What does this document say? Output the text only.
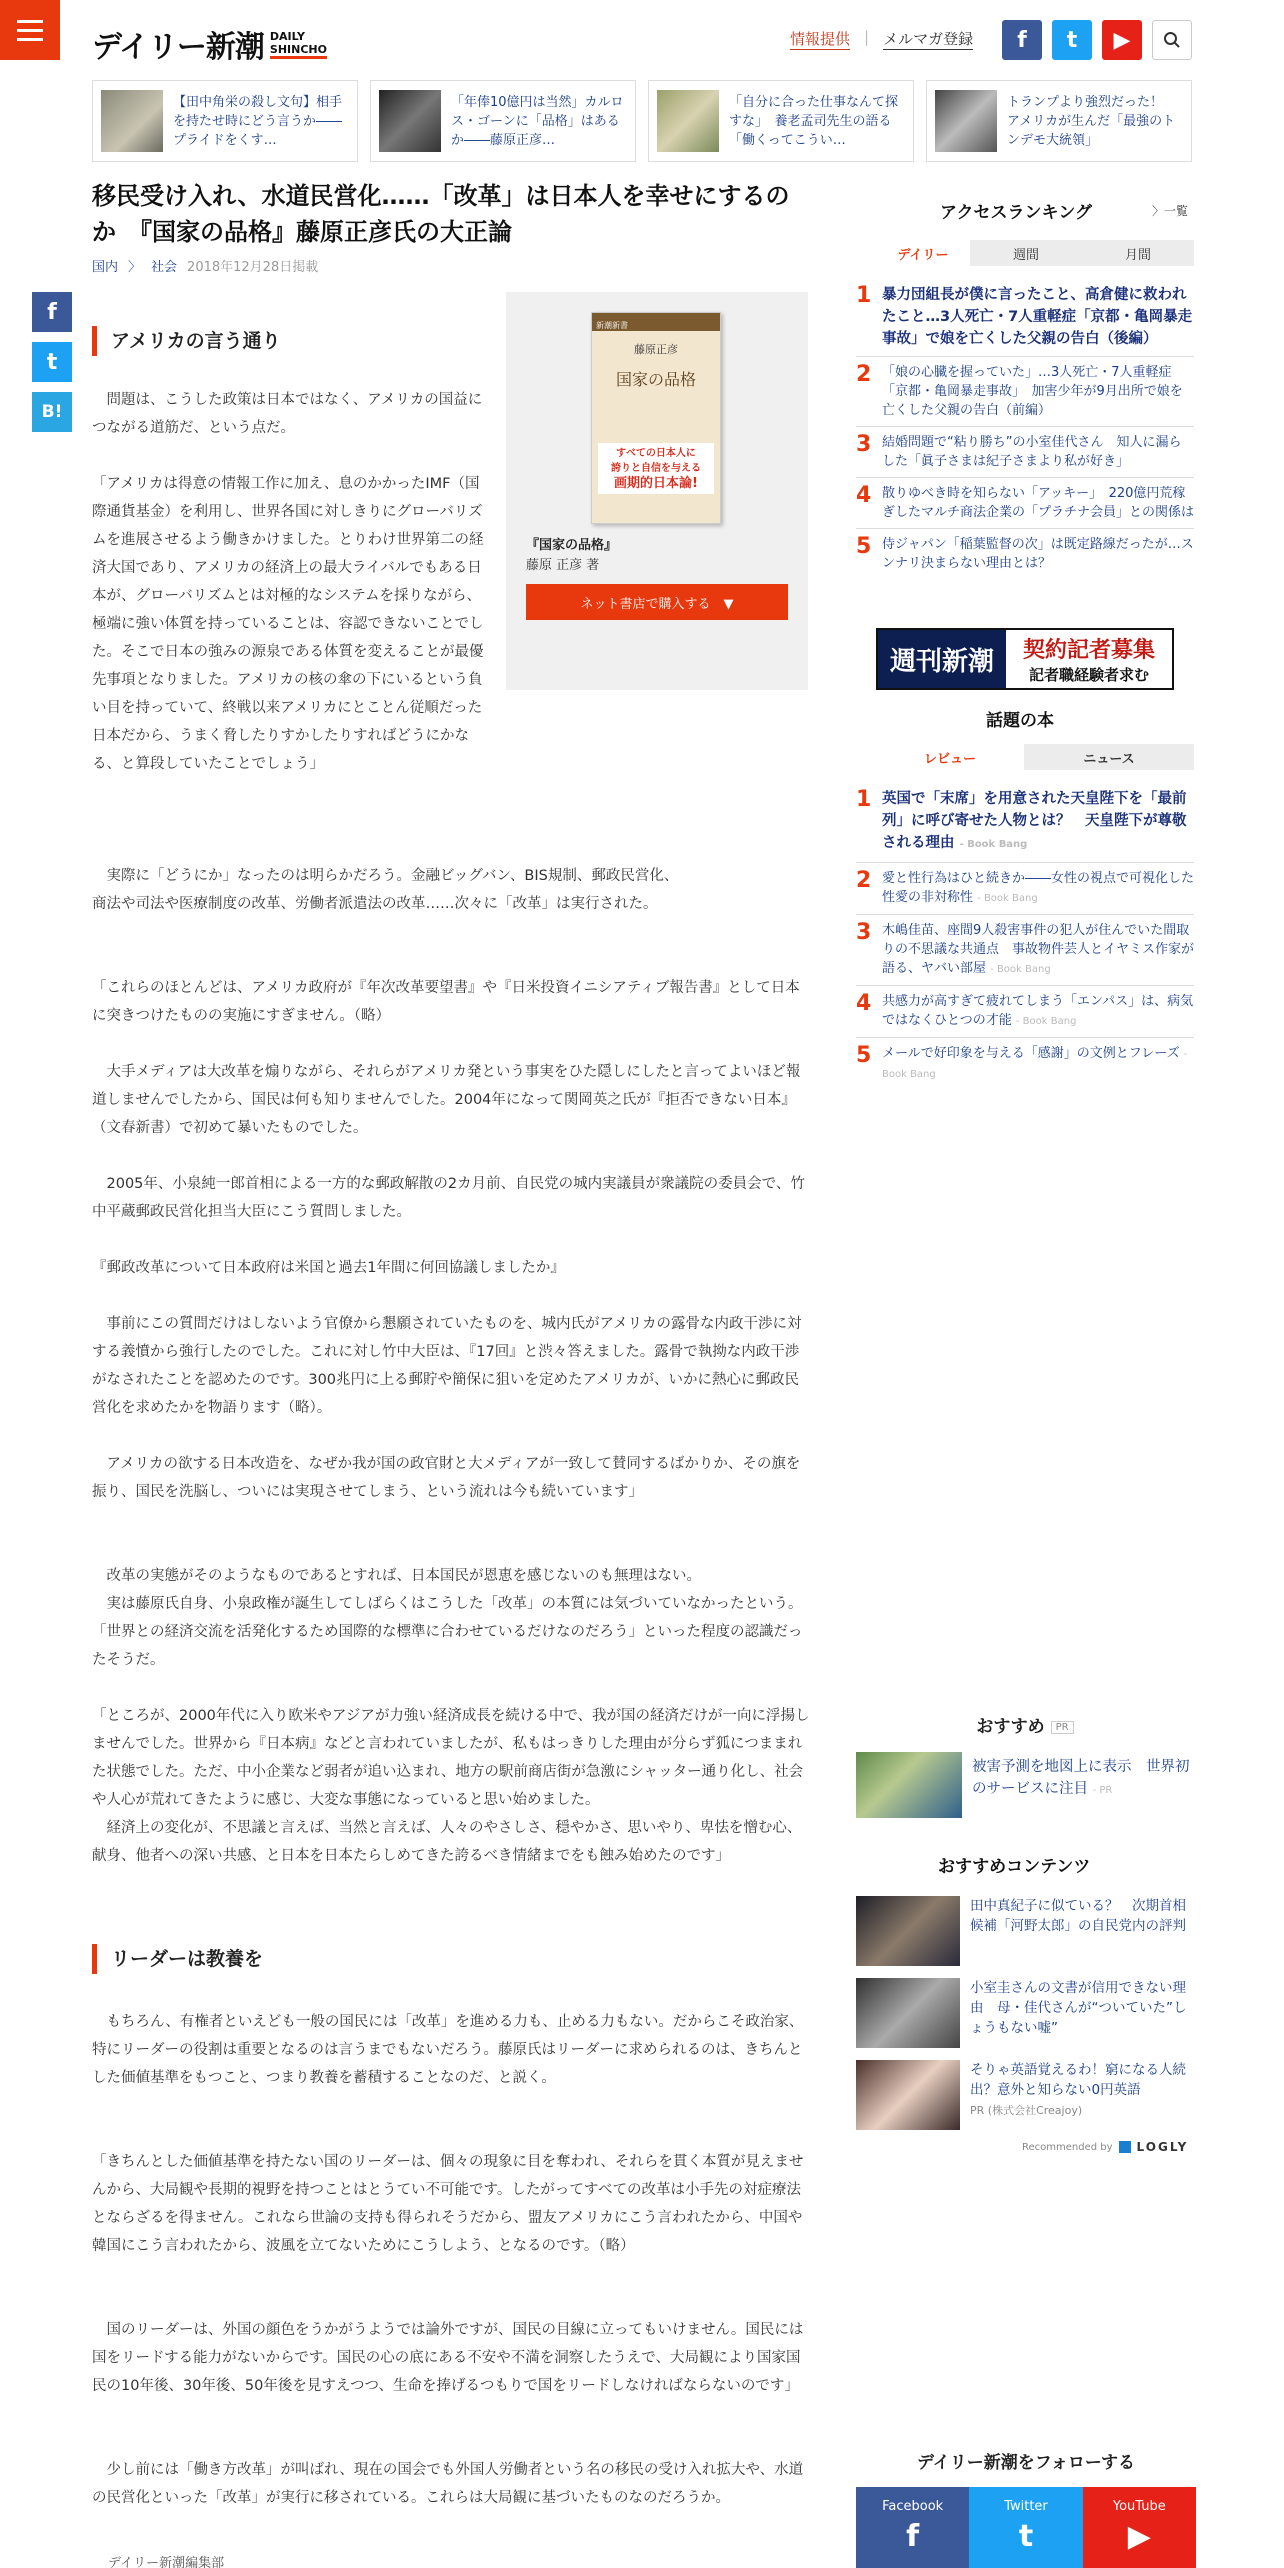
デイリー新潮 DAILY
SHINCHO
情報提供 | メルマガ登録	f	t	▶
【田中角栄の殺し文句】相手を持たせ時にどう言うか――プライドをくす…
「年俸10億円は当然」カルロス・ゴーンに「品格」はあるか――藤原正彦…
「自分に合った仕事なんて探すな」　養老孟司先生の語る「働くってこうい…
トランプより強烈だった！　アメリカが生んだ「最強のトンデモ大統領」
移民受け入れ、水道民営化……「改革」は日本人を幸せにするのか　『国家の品格』藤原正彦氏の大正論
国内 〉 社会 2018年12月28日掲載
f
t
B!
新潮新書
藤原正彦
国家の品格
すべての日本人に
誇りと自信を与える
画期的日本論!
『国家の品格』
藤原 正彦 著
ネット書店で購入する　▼
アメリカの言う通り

　問題は、こうした政策は日本ではなく、アメリカの国益につながる道筋だ、という点だ。

「アメリカは得意の情報工作に加え、息のかかったIMF（国際通貨基金）を利用し、世界各国に対しきりにグローバリズムを進展させるよう働きかけました。とりわけ世界第二の経済大国であり、アメリカの経済上の最大ライバルでもある日本が、グローバリズムとは対極的なシステムを採りながら、極端に強い体質を持っていることは、容認できないことでした。そこで日本の強みの源泉である体質を変えることが最優先事項となりました。アメリカの核の傘の下にいるという負い目を持っていて、終戦以来アメリカにとことん従順だった日本だから、うまく脅したりすかしたりすればどうにかなる、と算段していたことでしょう」

　実際に「どうにか」なったのは明らかだろう。金融ビッグバン、BIS規制、郵政民営化、商法や司法や医療制度の改革、労働者派遣法の改革……次々に「改革」は実行された。

「これらのほとんどは、アメリカ政府が『年次改革要望書』や『日米投資イニシアティブ報告書』として日本に突きつけたものの実施にすぎません。（略）

　大手メディアは大改革を煽りながら、それらがアメリカ発という事実をひた隠しにしたと言ってよいほど報道しませんでしたから、国民は何も知りませんでした。2004年になって関岡英之氏が『拒否できない日本』（文春新書）で初めて暴いたものでした。

　2005年、小泉純一郎首相による一方的な郵政解散の2カ月前、自民党の城内実議員が衆議院の委員会で、竹中平蔵郵政民営化担当大臣にこう質問しました。

『郵政改革について日本政府は米国と過去1年間に何回協議しましたか』

　事前にこの質問だけはしないよう官僚から懇願されていたものを、城内氏がアメリカの露骨な内政干渉に対する義憤から強行したのでした。これに対し竹中大臣は、『17回』と渋々答えました。露骨で執拗な内政干渉がなされたことを認めたのです。300兆円に上る郵貯や簡保に狙いを定めたアメリカが、いかに熱心に郵政民営化を求めたかを物語ります（略）。

　アメリカの欲する日本改造を、なぜか我が国の政官財と大メディアが一致して賛同するばかりか、その旗を振り、国民を洗脳し、ついには実現させてしまう、という流れは今も続いています」

　改革の実態がそのようなものであるとすれば、日本国民が恩恵を感じないのも無理はない。
　実は藤原氏自身、小泉政権が誕生してしばらくはこうした「改革」の本質には気づいていなかったという。「世界との経済交流を活発化するため国際的な標準に合わせているだけなのだろう」といった程度の認識だったそうだ。

「ところが、2000年代に入り欧米やアジアが力強い経済成長を続ける中で、我が国の経済だけが一向に浮揚しませんでした。世界から『日本病』などと言われていましたが、私もはっきりした理由が分らず狐につままれた状態でした。ただ、中小企業など弱者が追い込まれ、地方の駅前商店街が急激にシャッター通り化し、社会や人心が荒れてきたように感じ、大変な事態になっていると思い始めました。
　経済上の変化が、不思議と言えば、当然と言えば、人々のやさしさ、穏やかさ、思いやり、卑怯を憎む心、献身、他者への深い共感、と日本を日本たらしめてきた誇るべき情緒までをも蝕み始めたのです」

リーダーは教養を

　もちろん、有権者といえども一般の国民には「改革」を進める力も、止める力もない。だからこそ政治家、特にリーダーの役割は重要となるのは言うまでもないだろう。藤原氏はリーダーに求められるのは、きちんとした価値基準をもつこと、つまり教養を蓄積することなのだ、と説く。

「きちんとした価値基準を持たない国のリーダーは、個々の現象に目を奪われ、それらを貫く本質が見えませんから、大局観や長期的視野を持つことはとうてい不可能です。したがってすべての改革は小手先の対症療法とならざるを得ません。これなら世論の支持も得られそうだから、盟友アメリカにこう言われたから、中国や韓国にこう言われたから、波風を立てないためにこうしよう、となるのです。（略）

　国のリーダーは、外国の顔色をうかがうようでは論外ですが、国民の目線に立ってもいけません。国民には国をリードする能力がないからです。国民の心の底にある不安や不満を洞察したうえで、大局観により国家国民の10年後、30年後、50年後を見すえつつ、生命を捧げるつもりで国をリードしなければならないのです」

　少し前には「働き方改革」が叫ばれ、現在の国会でも外国人労働者という名の移民の受け入れ拡大や、水道の民営化といった「改革」が実行に移されている。これらは大局観に基づいたものなのだろうか。

デイリー新潮編集部
アクセスランキング	〉一覧
デイリー	週間	月間
1 暴力団組長が僕に言ったこと、高倉健に救われたこと…3人死亡・7人重軽症「京都・亀岡暴走事故」で娘を亡くした父親の告白（後編）
2 「娘の心臓を握っていた」…3人死亡・7人重軽症「京都・亀岡暴走事故」　加害少年が9月出所で娘を亡くした父親の告白（前編）
3 結婚問題で“粘り勝ち”の小室佳代さん　知人に漏らした「眞子さまは紀子さまより私が好き」
4 散りゆべき時を知らない「アッキー」　220億円荒稼ぎしたマルチ商法企業の「プラチナ会員」との関係は
5 侍ジャパン「稲葉監督の次」は既定路線だったが…スンナリ決まらない理由とは？
週刊新潮	契約記者募集
記者職経験者求む
話題の本
レビュー	ニュース
1 英国で「末席」を用意された天皇陛下を「最前列」に呼び寄せた人物とは？　天皇陛下が尊敬される理由 - Book Bang
2 愛と性行為はひと続きか――女性の視点で可視化した性愛の非対称性 - Book Bang
3 木嶋佳苗、座間9人殺害事件の犯人が住んでいた間取りの不思議な共通点　事故物件芸人とイヤミス作家が語る、ヤバい部屋 - Book Bang
4 共感力が高すぎて疲れてしまう「エンパス」は、病気ではなくひとつの才能 - Book Bang
5 メールで好印象を与える「感謝」の文例とフレーズ - Book Bang
おすすめ PR
被害予測を地図上に表示　世界初のサービスに注目 - PR
おすすめコンテンツ
田中真紀子に似ている？　次期首相候補「河野太郎」の自民党内の評判
小室圭さんの文書が信用できない理由　母・佳代さんが“ついていた”しょうもない嘘”
そりゃ英語覚えるわ！窮になる人続出？意外と知らない0円英語
PR (株式会社Creajoy)
Recommended by LOGLY
デイリー新潮をフォローする
Facebook
f
Twitter
t
YouTube
▶
